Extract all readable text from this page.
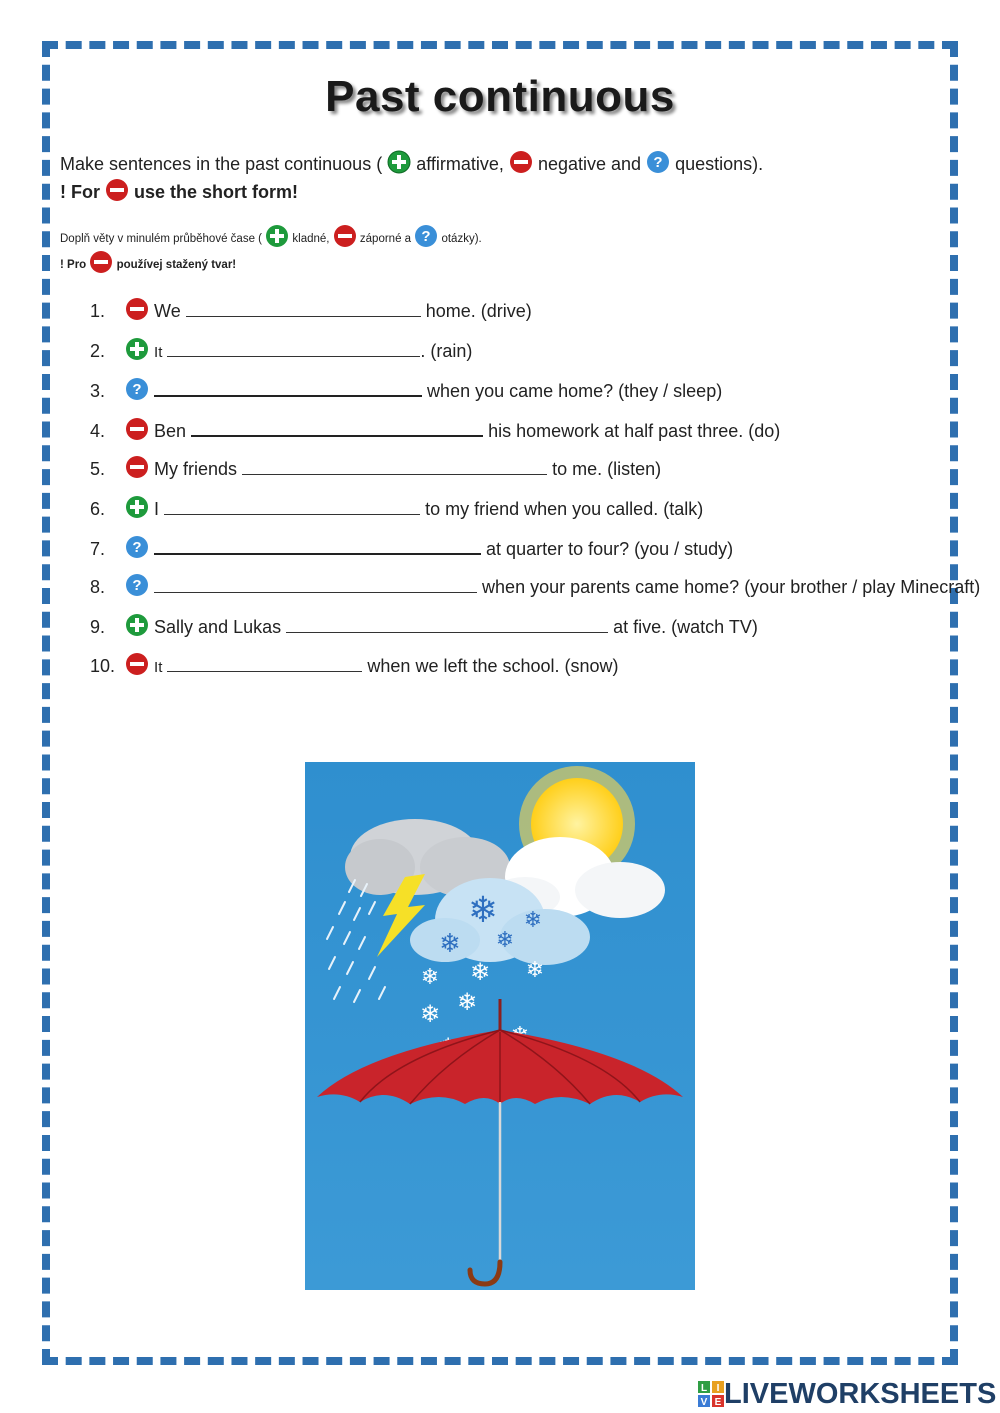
Past continuous
Make sentences in the past continuous ( affirmative, negative and ? questions).
! For use the short form!
Doplň věty v minulém průběhové čase (	kladné,	záporné a ? otázky).
! Pro	používej stažený tvar!
1.	We	home. (drive)
2.	It	. (rain)
3. ?	when you came home? (they / sleep)
4.	Ben	his homework at half past three. (do)
5.	My friends	to me. (listen)
6.	I	to my friend when you called. (talk)
7. ?	at quarter to four? (you / study)
8. ?	when your parents came home? (your brother / play Minecraft)
9.	Sally and Lukas	at five. (watch TV)
10.	It	when we left the school. (snow)
❄
❄ ❄
❄
❄
❄	❄
❄
❄
L I
V E LIVEWORKSHEETS
